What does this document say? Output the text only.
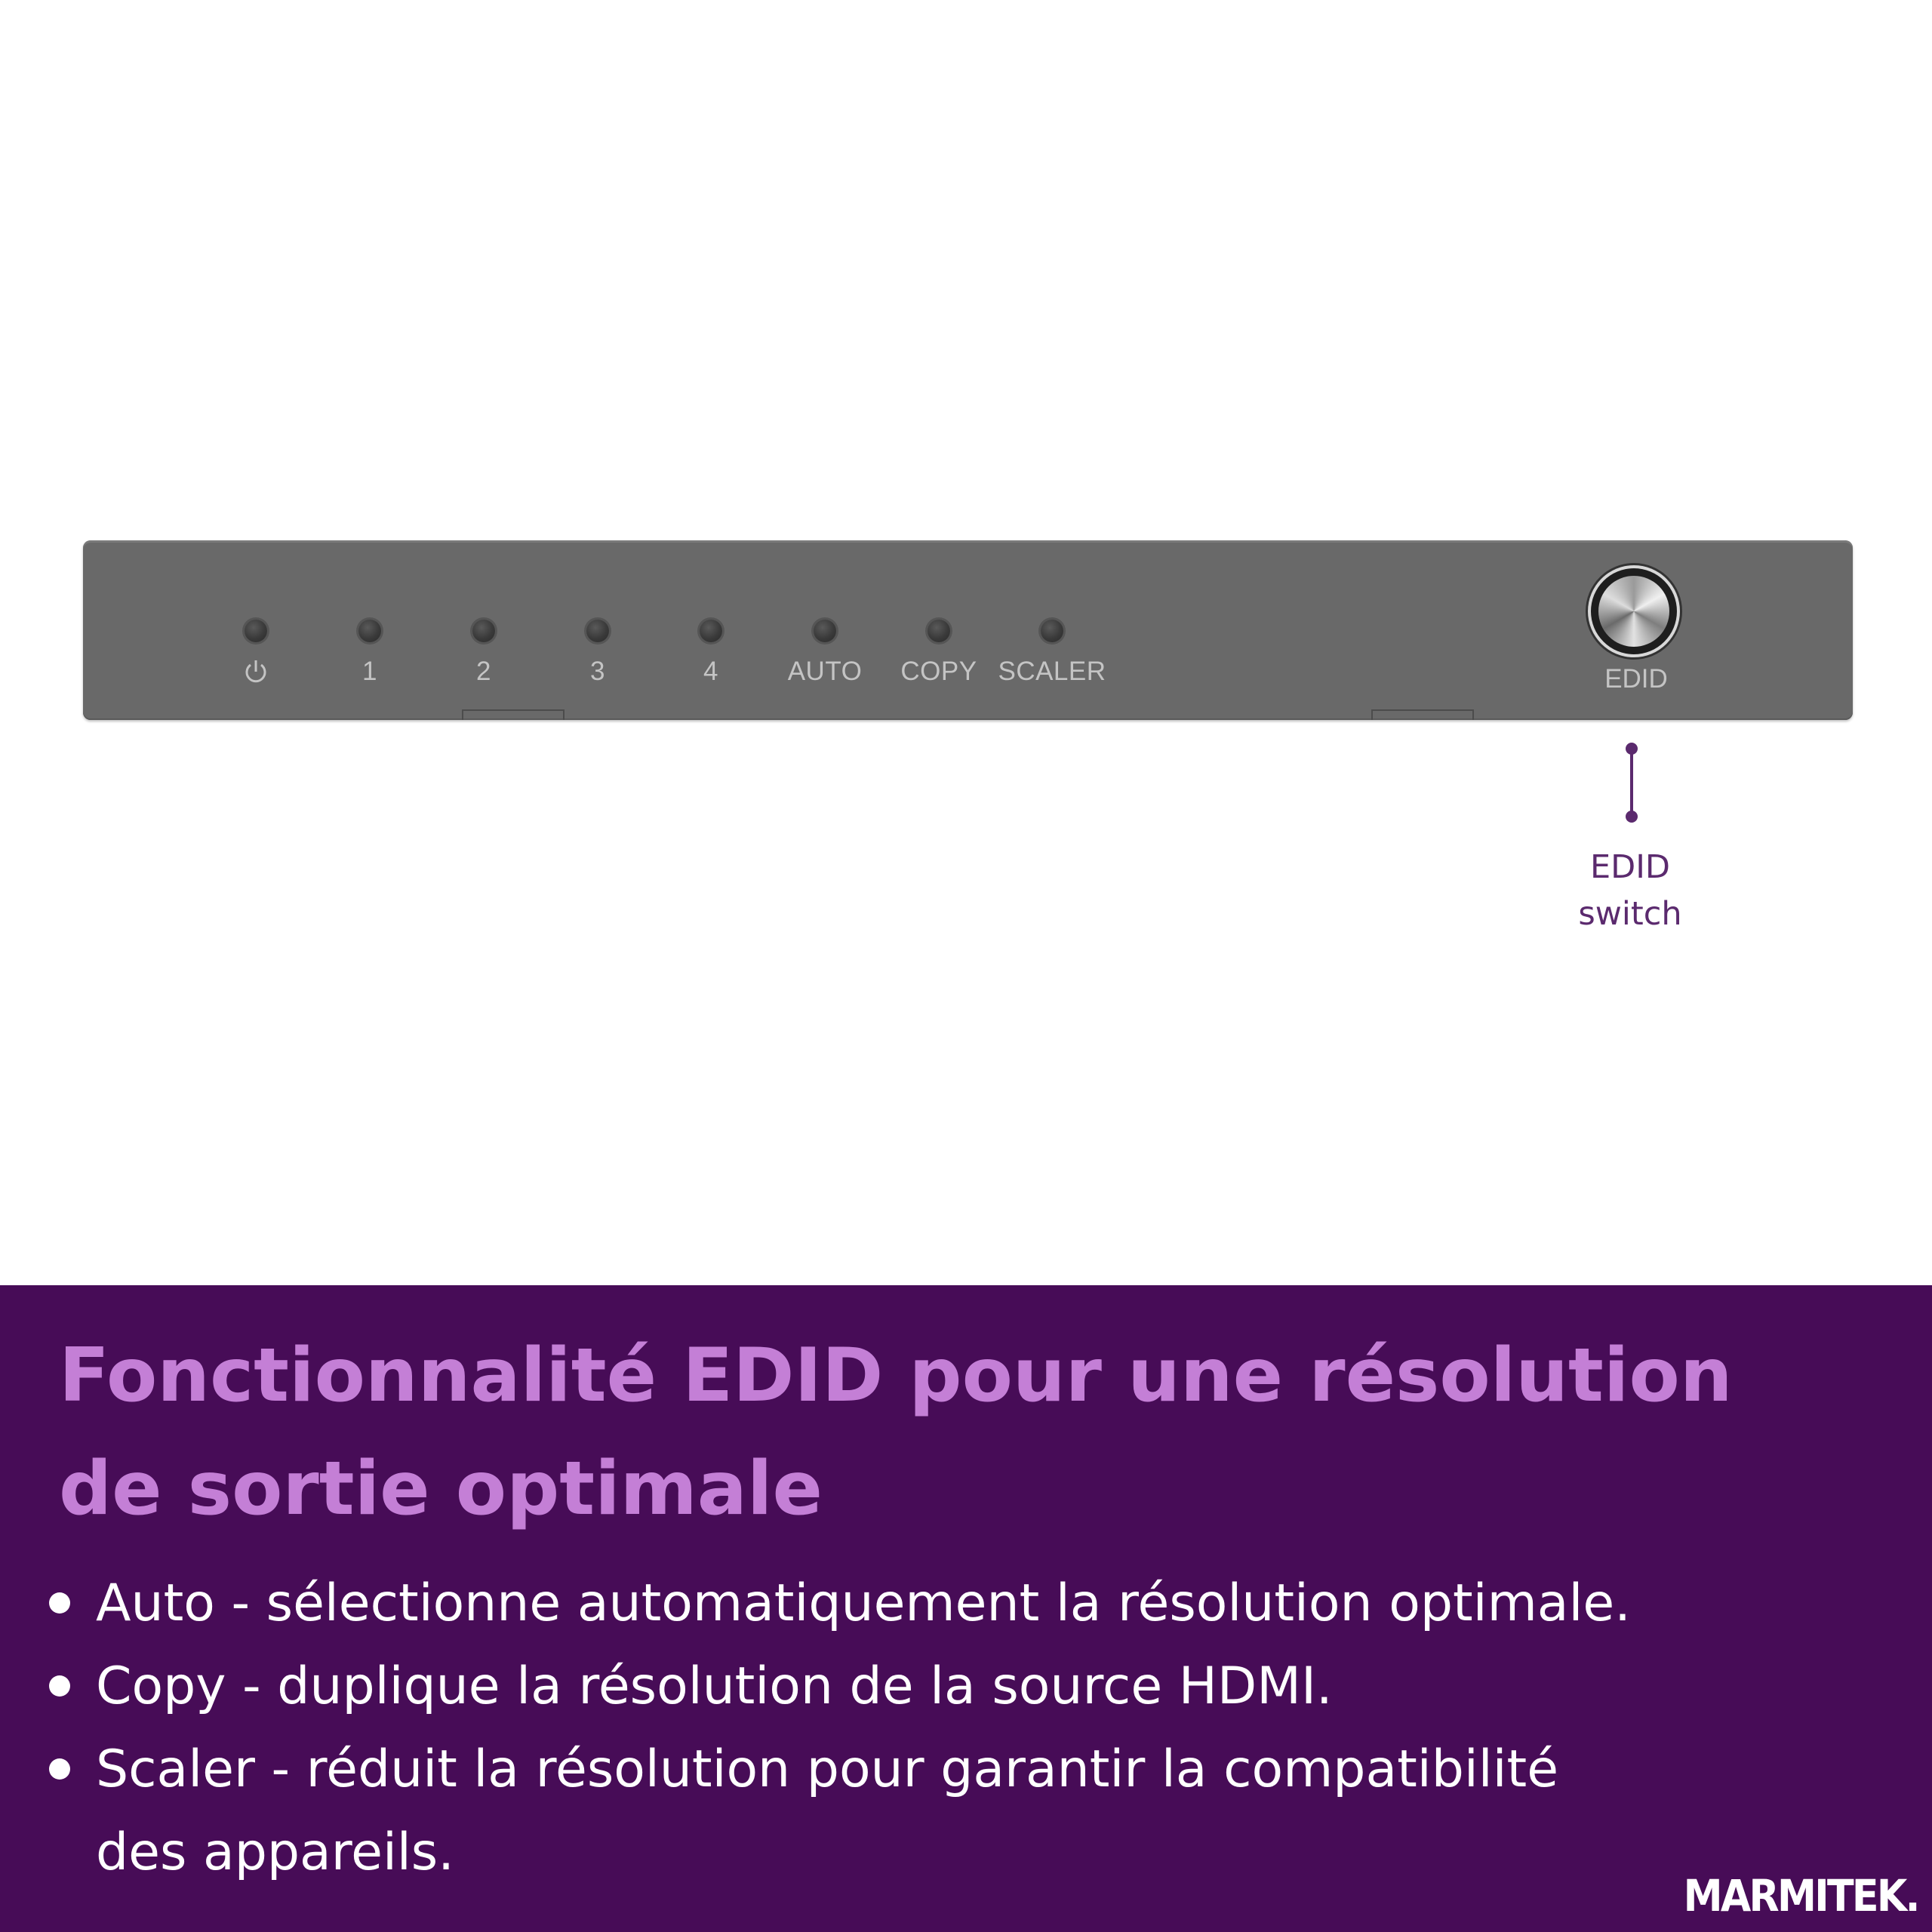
1	2	3	4	AUTO COPY SCALER	EDID
EDID
switch
Fonctionnalité EDID pour une résolution
de sortie optimale
Auto - sélectionne automatiquement la résolution optimale.
Copy - duplique la résolution de la source HDMI.
Scaler - réduit la résolution pour garantir la compatibilité
des appareils.
MARMITEK.
